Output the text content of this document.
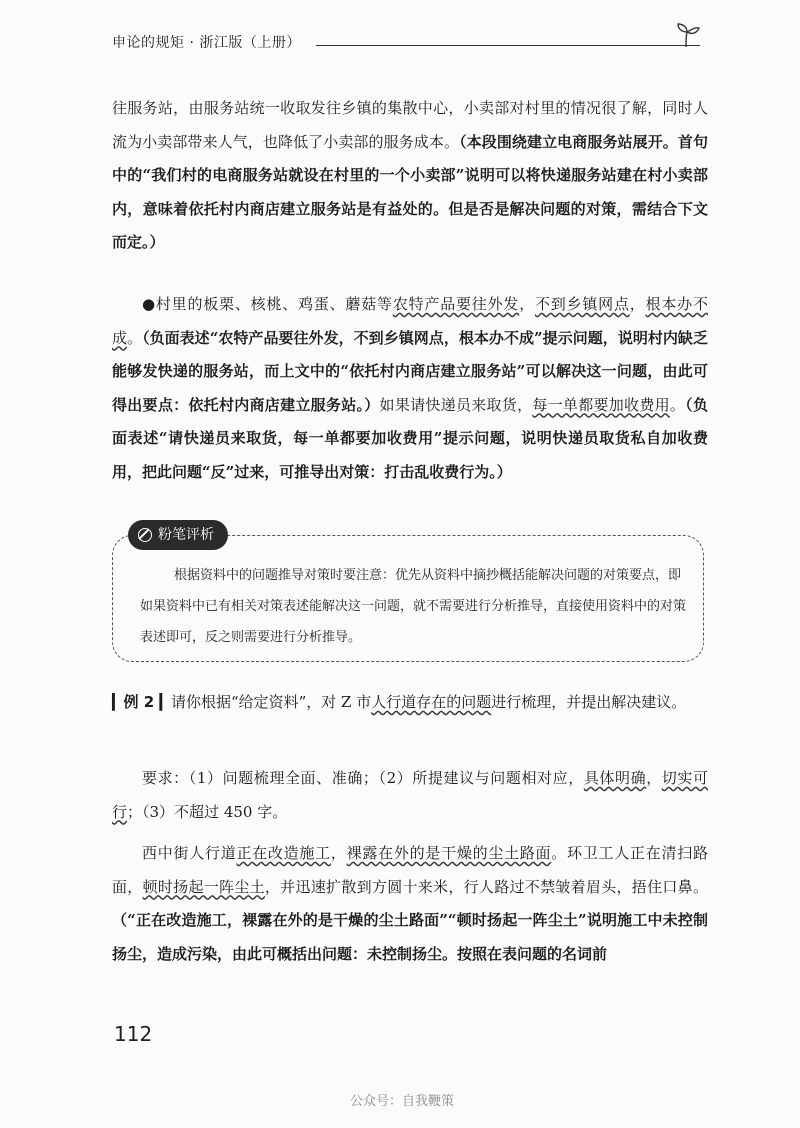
申论的规矩 · 浙江版（上册）

往服务站，由服务站统一收取发往乡镇的集散中心，小卖部对村里的情况很了解，同时人流为小卖部带来人气，也降低了小卖部的服务成本。（本段围绕建立电商服务站展开。首句中的“我们村的电商服务站就设在村里的一个小卖部”说明可以将快递服务站建在村小卖部内，意味着依托村内商店建立服务站是有益处的。但是否是解决问题的对策，需结合下文而定。）

●村里的板栗、核桃、鸡蛋、蘑菇等农特产品要往外发，不到乡镇网点，根本办不成。（负面表述“农特产品要往外发，不到乡镇网点，根本办不成”提示问题，说明村内缺乏能够发快递的服务站，而上文中的“依托村内商店建立服务站”可以解决这一问题，由此可得出要点：依托村内商店建立服务站。）如果请快递员来取货，每一单都要加收费用。（负面表述“请快递员来取货，每一单都要加收费用”提示问题，说明快递员取货私自加收费用，把此问题“反”过来，可推导出对策：打击乱收费行为。）

粉笔评析

根据资料中的问题推导对策时要注意：优先从资料中摘抄概括能解决问题的对策要点，即如果资料中已有相关对策表述能解决这一问题，就不需要进行分析推导，直接使用资料中的对策表述即可，反之则需要进行分析推导。

▎例 2 ▎请你根据“给定资料”，对 Z 市人行道存在的问题进行梳理，并提出解决建议。

要求：（1）问题梳理全面、准确；（2）所提建议与问题相对应，具体明确，切实可行；（3）不超过 450 字。

西中街人行道正在改造施工，裸露在外的是干燥的尘土路面。环卫工人正在清扫路面，顿时扬起一阵尘土，并迅速扩散到方圆十来米，行人路过不禁皱着眉头，捂住口鼻。（“正在改造施工，裸露在外的是干燥的尘土路面”“顿时扬起一阵尘土”说明施工中未控制扬尘，造成污染，由此可概括出问题：未控制扬尘。按照在表问题的名词前

112
公众号：自我鞭策
